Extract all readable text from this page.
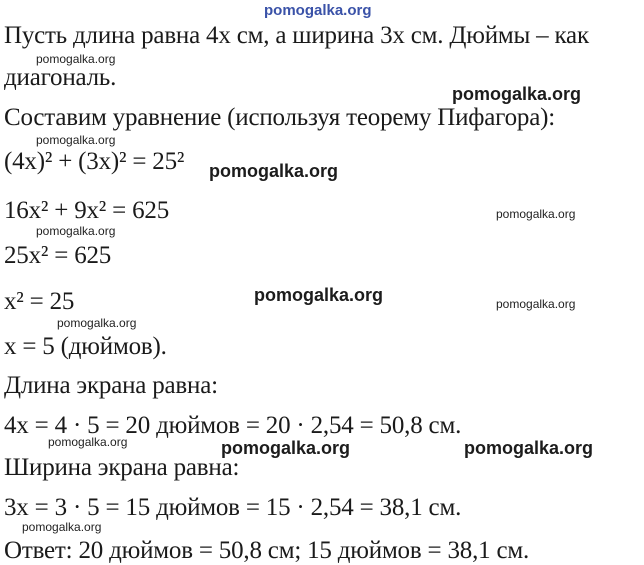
Пусть длина равна 4x см, а ширина 3x см. Дюймы – как

диагональ.

Составим уравнение (используя теорему Пифагора):

(4x)² + (3x)² = 25²

16x² + 9x² = 625

25x² = 625

x² = 25

x = 5 (дюймов).

Длина экрана равна:

4x = 4 · 5 = 20 дюймов = 20 · 2,54 = 50,8 см.

Ширина экрана равна:

3x = 3 · 5 = 15 дюймов = 15 · 2,54 = 38,1 см.

Ответ: 20 дюймов = 50,8 см; 15 дюймов = 38,1 см.

pomogalka.org
pomogalka.org
pomogalka.org
pomogalka.org
pomogalka.org
pomogalka.org
pomogalka.org
pomogalka.org	pomogalka.org
pomogalka.org
pomogalka.org	pomogalka.org	pomogalka.org
pomogalka.org
